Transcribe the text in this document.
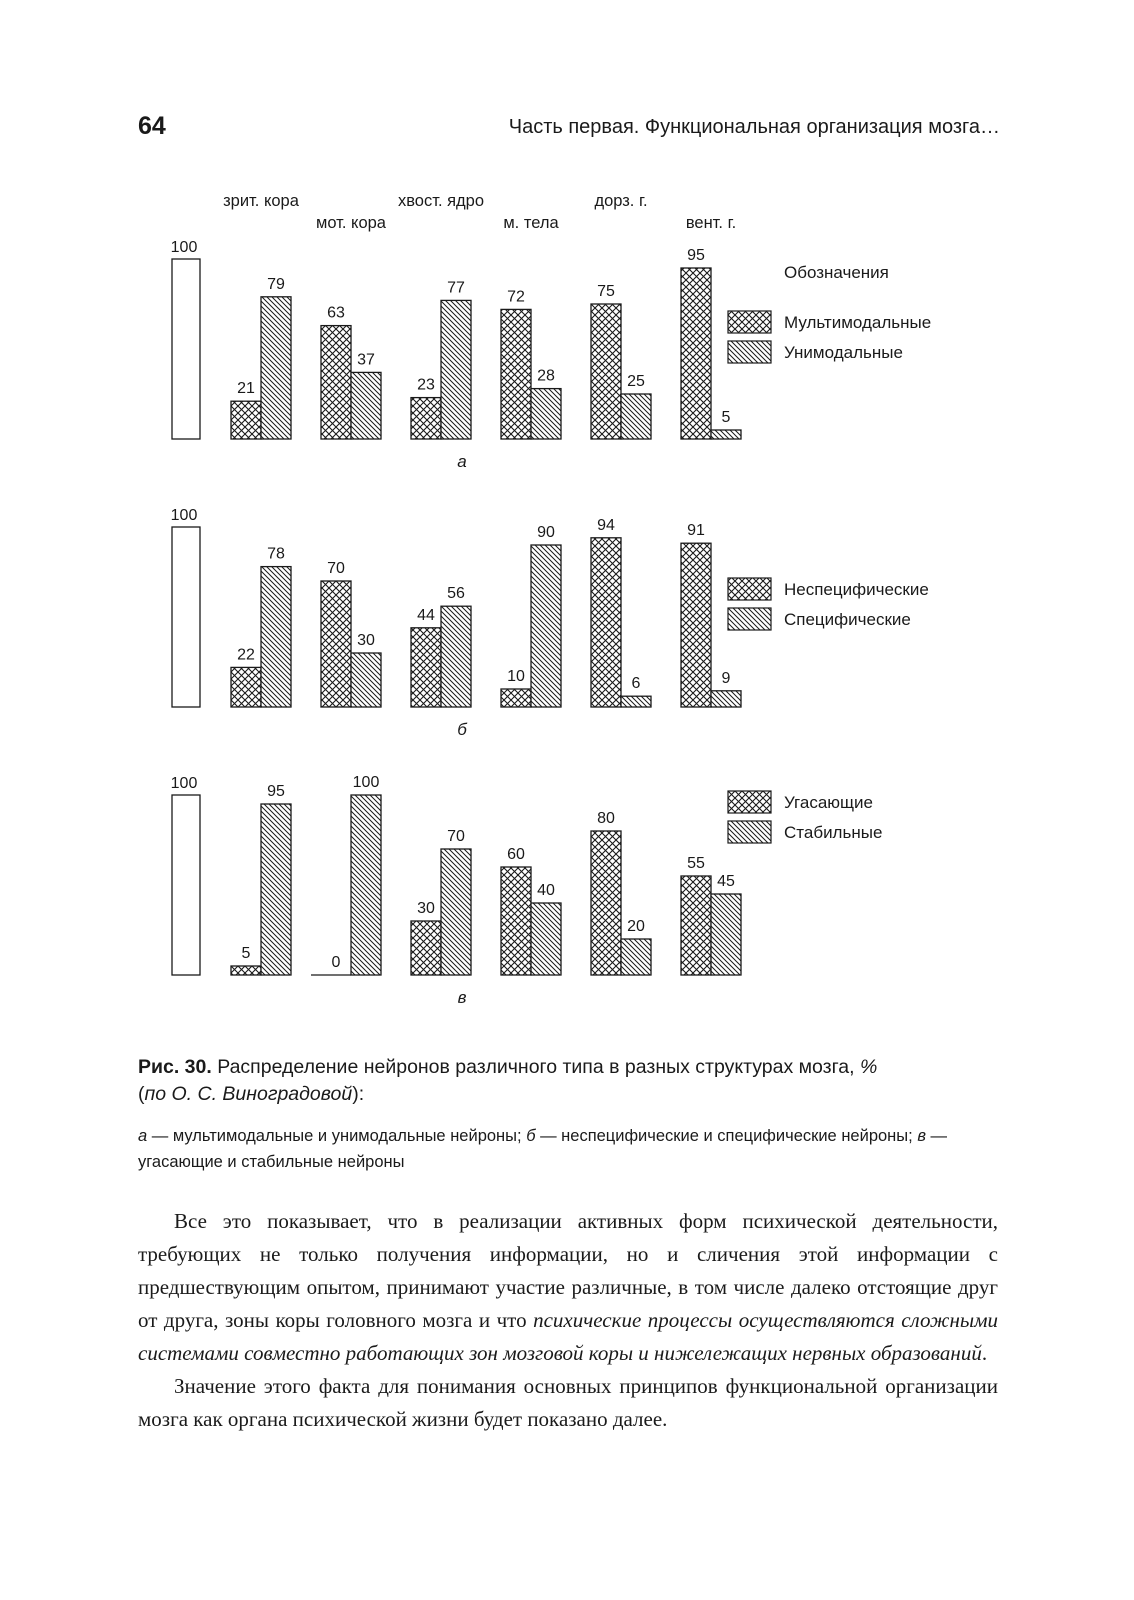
64	Часть первая. Функциональная организация мозга…
зрит. кора
мот. кора
хвост. ядро
м. тела
дорз. г.
вент. г.
100
21
63
23
72	75
95
79
37
77
28	25
5
а
Обозначения
Мультимодальные
Унимодальные
100
22
70
44
10
94	91
78
30
56
90
6	9
б
Неспецифические
Специфические
100
5
0
30
60
80
55
95
100
70
40
20
45
в
Угасающие
Стабильные
Рис. 30. Распределение нейронов различного типа в разных структурах мозга, %
(по О. С. Виноградовой):
а — мультимодальные и унимодальные нейроны; б — неспецифические и специфические нейроны; в — угасающие и стабильные нейроны

Все это показывает, что в реализации активных форм психической деятельности, требующих не только получения информации, но и сличения этой информации с предшествующим опытом, принимают участие различные, в том числе далеко отстоящие друг от друга, зоны коры головного мозга и что психические процессы осуществляются сложными системами совместно работающих зон мозговой коры и нижележащих нервных образований.

Значение этого факта для понимания основных принципов функциональной организации мозга как органа психической жизни будет показано далее.
